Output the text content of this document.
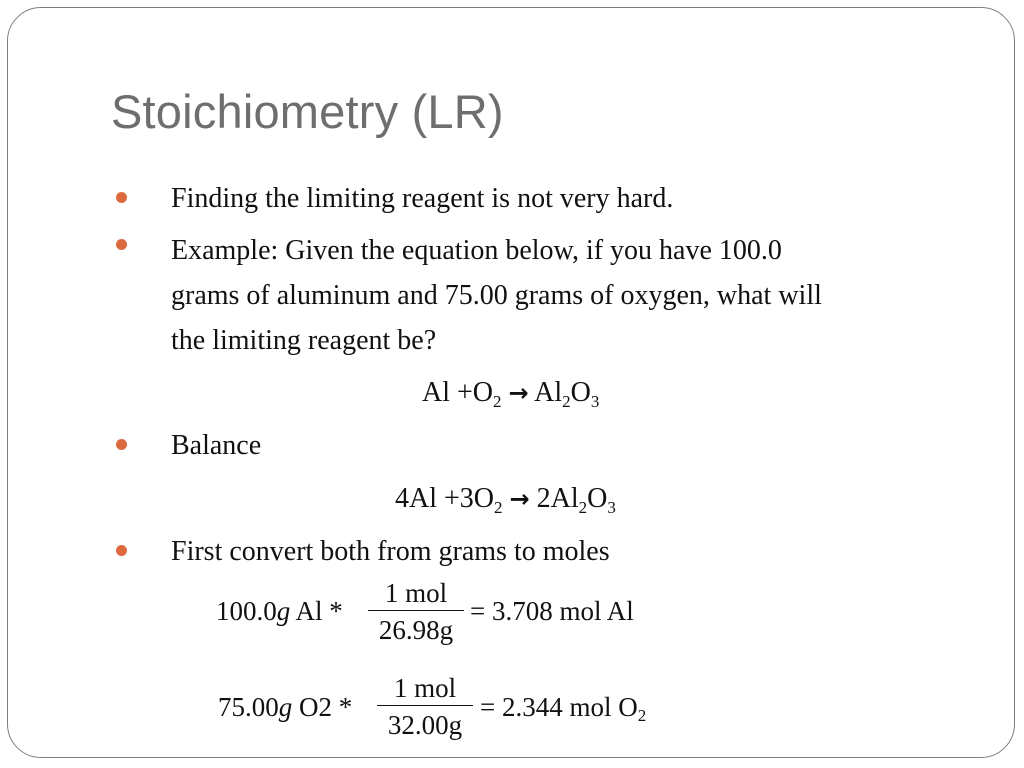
Stoichiometry (LR)
Finding the limiting reagent is not very hard.
Example: Given the equation below, if you have 100.0
grams of aluminum and 75.00 grams of oxygen, what will
the limiting reagent be?
$Al +O_2 \to Al_2O_3$
Balance
$4Al +3O_2 \to 2Al_2O_3$
First convert both from grams to moles
100.0g Al *
1 mol
26.98g
= 3.708 mol Al
75.00g O2 *
1 mol
32.00g
= 2.344 mol $O_2$
